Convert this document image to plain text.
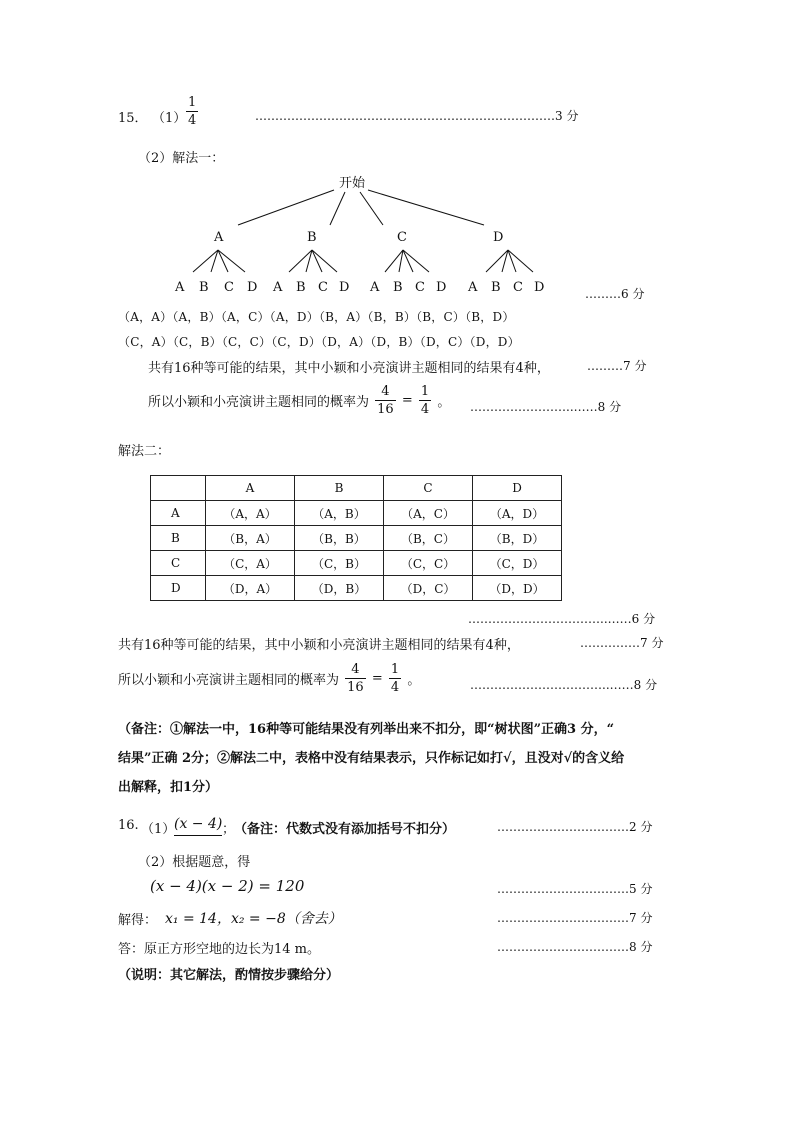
15． $(1) \frac{1}{4}$	…………………………………………………………………3 分
（2）解法一：
开始
A	B	C	D
A B C D A B C D A B C D A B C D	………6 分
（A，A）（A，B）（A，C）（A，D）（B，A）（B，B）（B，C）（B，D）
（C，A）（C，B）（C，C）（C，D）（D，A）（D，B）（D，C）（D，D）
共有16种等可能的结果，其中小颖和小亮演讲主题相同的结果有4种，	………7 分
所以小颖和小亮演讲主题相同的概率为 $\frac{4}{16} = \frac{1}{4}$ 。 ……………………..……8 分
解法二：
	A	B	C	D
A	（A，A）	（A，B）	（A，C）	（A，D）
B	（B，A）	（B，B）	（B，C）	（B，D）
C	（C，A）	（C，B）	（C，C）	（C，D）
D	（D，A）	（D，B）	（D，C）	（D，D）
……………………………..……6 分
共有16种等可能的结果，其中小颖和小亮演讲主题相同的结果有4种，	……………7 分
所以小颖和小亮演讲主题相同的概率为 $\frac{4}{16} = \frac{1}{4}$ 。	……………………………..……8 分
（备注：①解法一中，16种等可能结果没有列举出来不扣分，即“树状图”正确3 分，“
结果”正确 2分；②解法二中，表格中没有结果表示，只作标记如打√，且没对√的含义给
出解释，扣1分）
16. （1）
(x − 4) ；
（备注：代数式没有添加括号不扣分）	……………………………2 分
（2）根据题意，得
(x − 4)(x − 2) = 120	……………………………5 分
解得： x₁ = 14，x₂ = −8（舍去）	……………………………7 分
答：原正方形空地的边长为14 m。	……………………………8 分
（说明：其它解法，酌情按步骤给分）
